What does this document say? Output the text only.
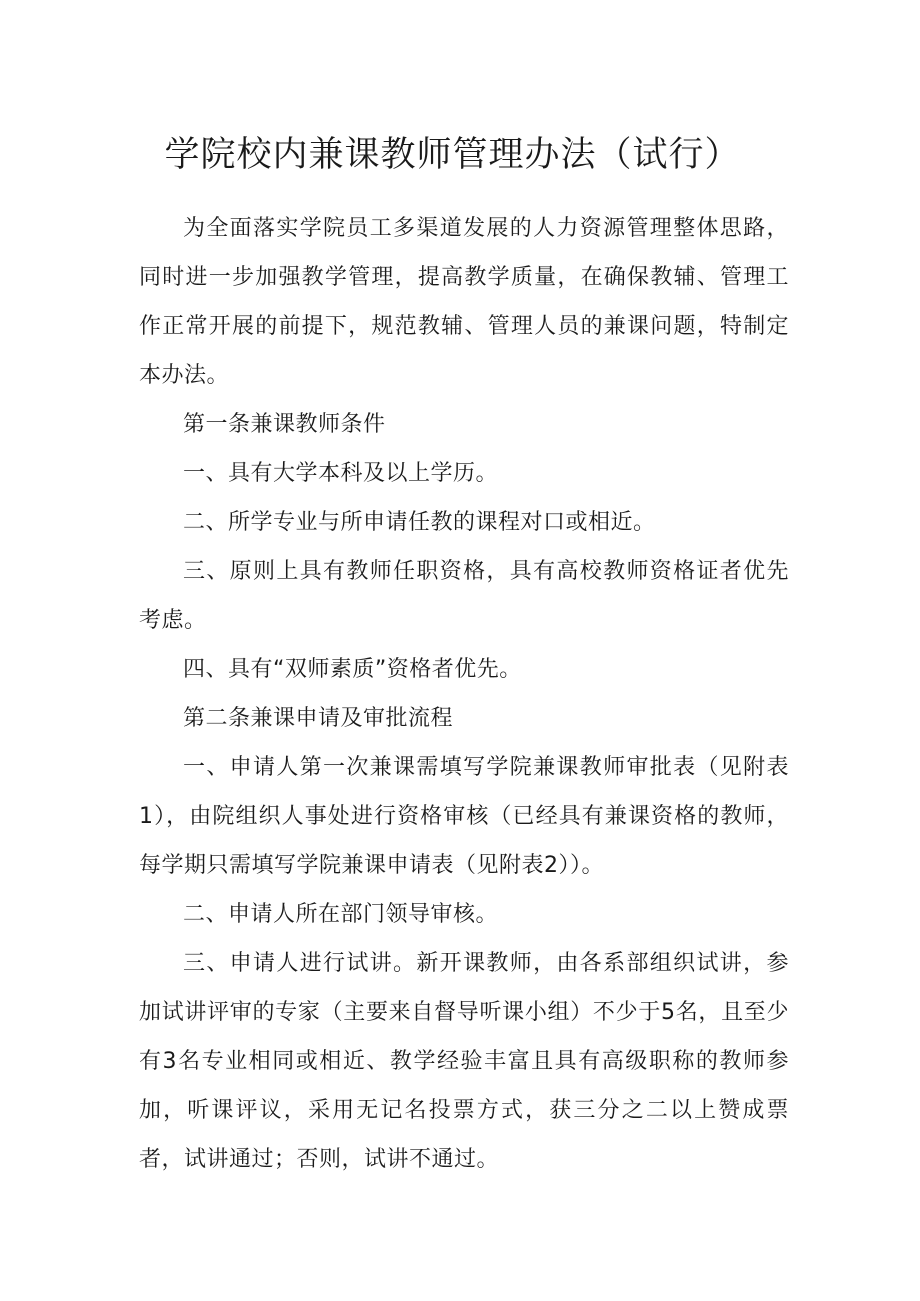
学院校内兼课教师管理办法（试行）

为全面落实学院员工多渠道发展的人力资源管理整体思路，同时进一步加强教学管理，提高教学质量，在确保教辅、管理工作正常开展的前提下，规范教辅、管理人员的兼课问题，特制定本办法。

第一条兼课教师条件

一、具有大学本科及以上学历。

二、所学专业与所申请任教的课程对口或相近。

三、原则上具有教师任职资格，具有高校教师资格证者优先考虑。

四、具有“双师素质”资格者优先。

第二条兼课申请及审批流程

一、申请人第一次兼课需填写学院兼课教师审批表（见附表1），由院组织人事处进行资格审核（已经具有兼课资格的教师，每学期只需填写学院兼课申请表（见附表2））。

二、申请人所在部门领导审核。

三、申请人进行试讲。新开课教师，由各系部组织试讲，参加试讲评审的专家（主要来自督导听课小组）不少于5名，且至少有3名专业相同或相近、教学经验丰富且具有高级职称的教师参加，听课评议，采用无记名投票方式，获三分之二以上赞成票者，试讲通过；否则，试讲不通过。
